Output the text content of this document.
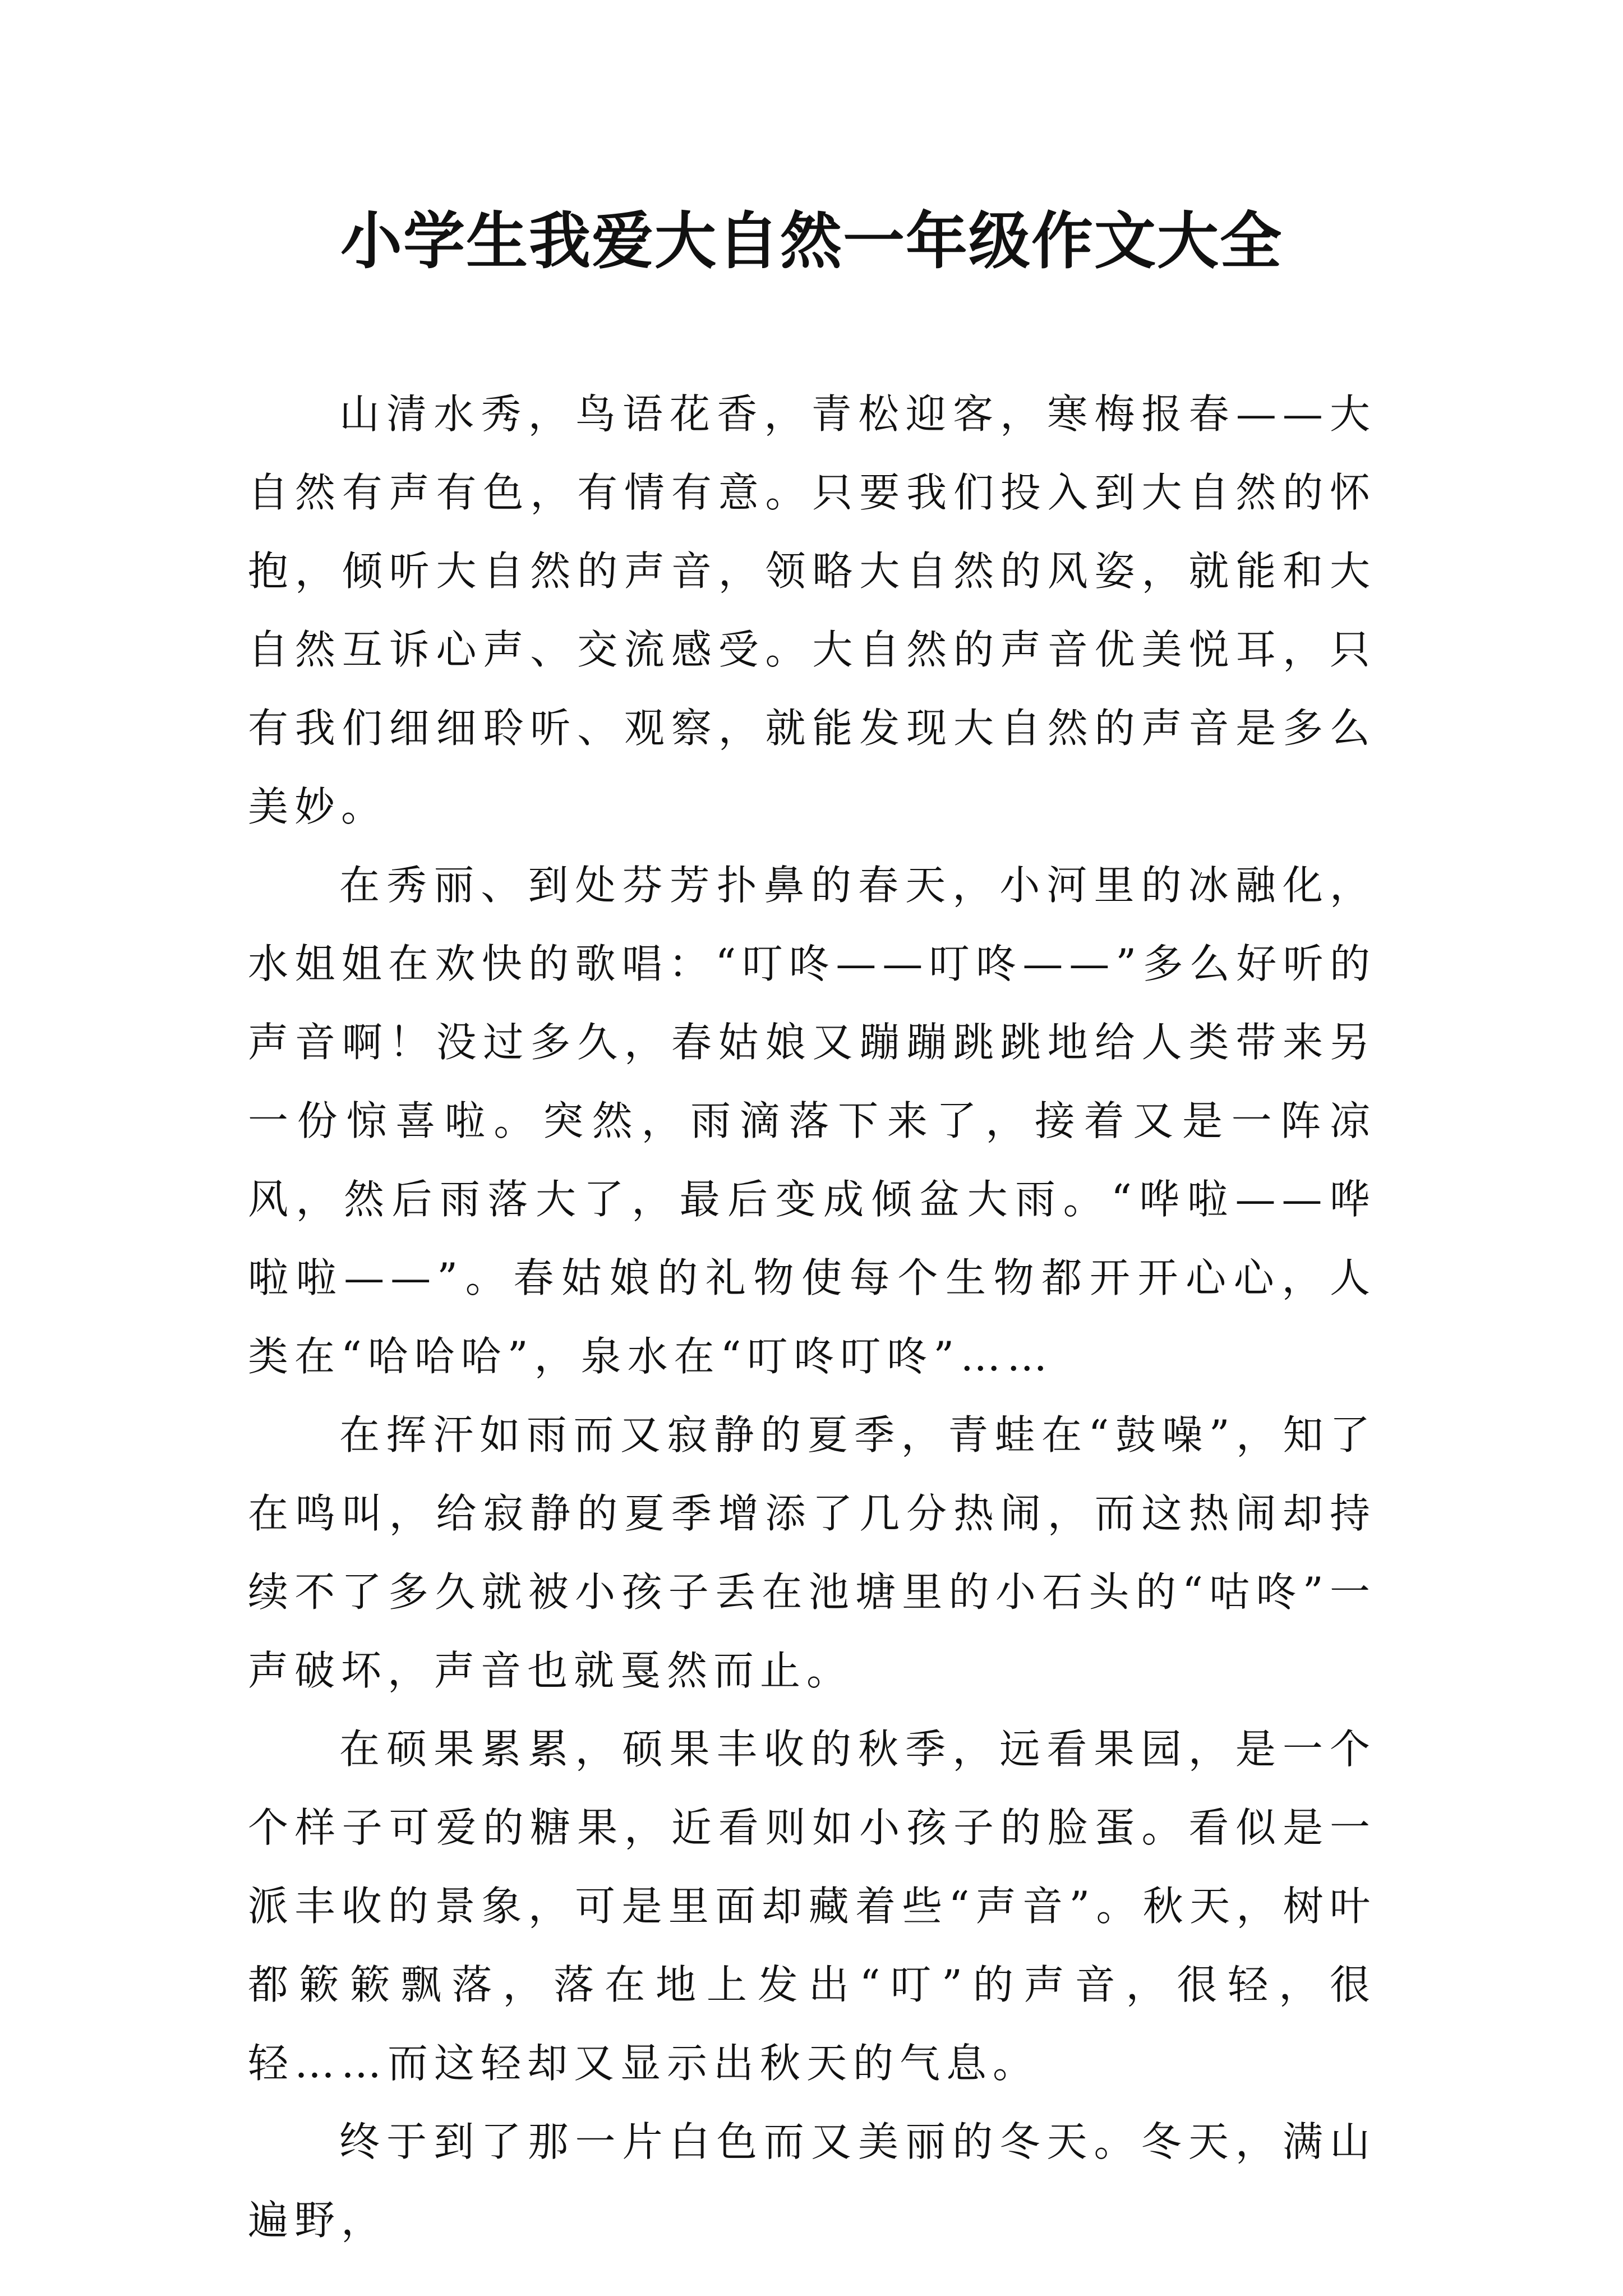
小学生我爱大自然一年级作文大全

山清水秀，鸟语花香，青松迎客，寒梅报春——大自然有声有色，有情有意。只要我们投入到大自然的怀抱，倾听大自然的声音，领略大自然的风姿，就能和大自然互诉心声、交流感受。大自然的声音优美悦耳，只有我们细细聆听、观察，就能发现大自然的声音是多么美妙。

在秀丽、到处芬芳扑鼻的春天，小河里的冰融化，水姐姐在欢快的歌唱：“叮咚——叮咚——”多么好听的声音啊！没过多久，春姑娘又蹦蹦跳跳地给人类带来另一份惊喜啦。突然，雨滴落下来了，接着又是一阵凉风，然后雨落大了，最后变成倾盆大雨。“哗啦——哗啦啦——”。春姑娘的礼物使每个生物都开开心心，人类在“哈哈哈”，泉水在“叮咚叮咚”……

在挥汗如雨而又寂静的夏季，青蛙在“鼓噪”，知了在鸣叫，给寂静的夏季增添了几分热闹，而这热闹却持续不了多久就被小孩子丢在池塘里的小石头的“咕咚”一声破坏，声音也就戛然而止。

在硕果累累，硕果丰收的秋季，远看果园，是一个个样子可爱的糖果，近看则如小孩子的脸蛋。看似是一派丰收的景象，可是里面却藏着些“声音”。秋天，树叶都簌簌飘落，落在地上发出“叮”的声音，很轻，很轻……而这轻却又显示出秋天的气息。

终于到了那一片白色而又美丽的冬天。冬天，满山遍野，
